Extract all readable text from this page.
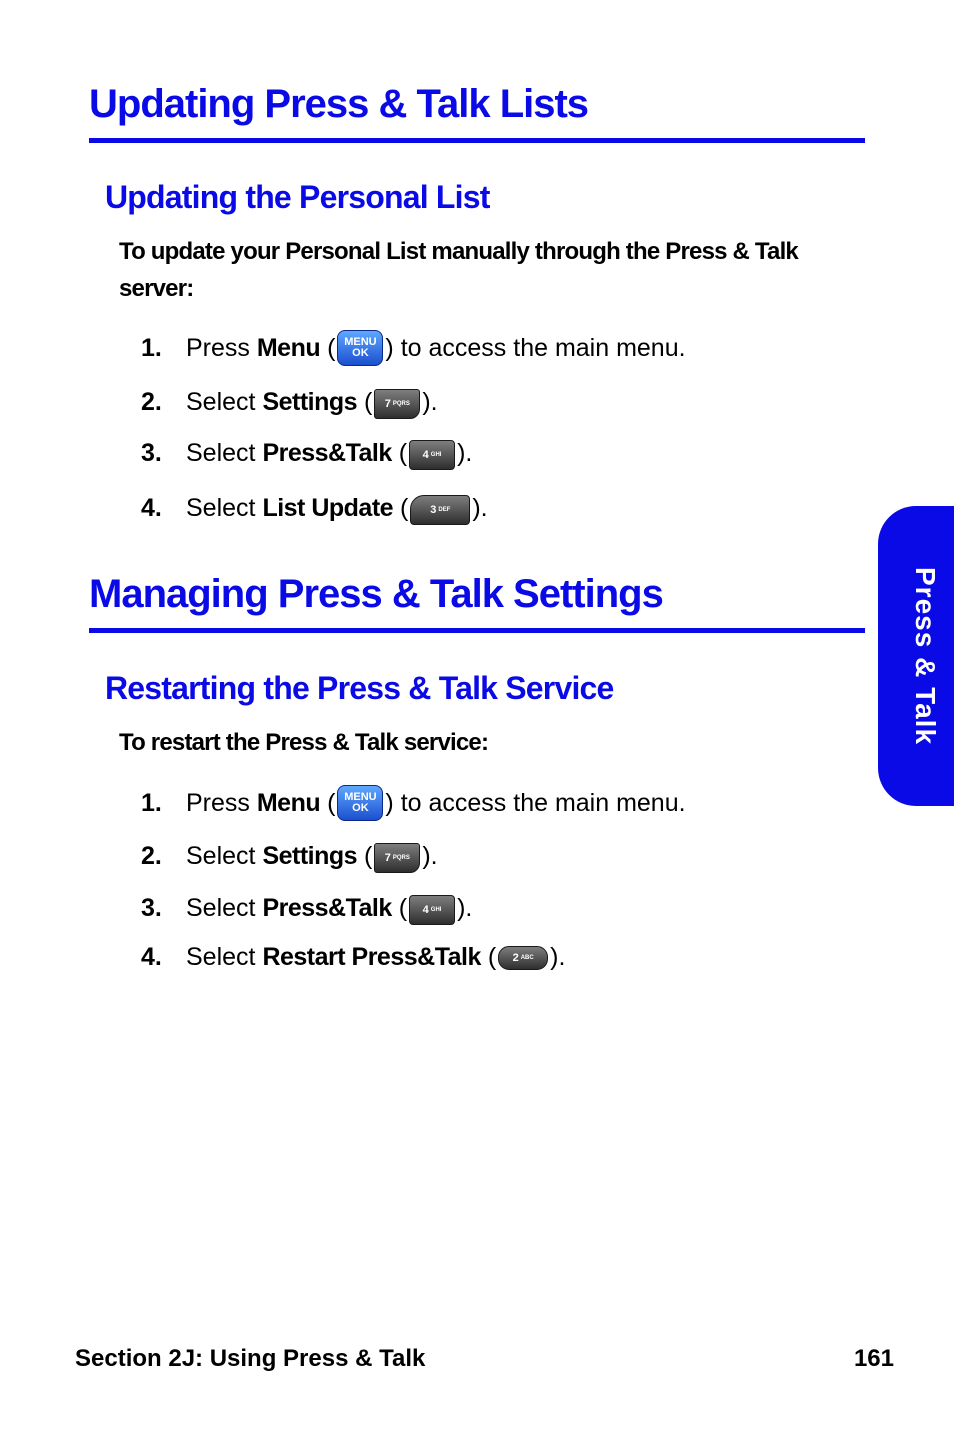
Updating Press & Talk Lists
Updating the Personal List
To update your Personal List manually through the Press & Talk server:
1. Press
Menu
( MENU
OK ) to access the main menu.
2. Select
Settings
( 7 PQRS ).
3. Select
Press&Talk
( 4 GHI ).
4. Select
List Update
( 3 DEF ).
Managing Press & Talk Settings
Restarting the Press & Talk Service
To restart the Press & Talk service:
1. Press
Menu
( MENU
OK ) to access the main menu.
2. Select
Settings
( 7 PQRS ).
3. Select
Press&Talk
( 4 GHI ).
4. Select
Restart Press&Talk
( 2 ABC ).
Press & Talk
Section 2J: Using Press & Talk	161
